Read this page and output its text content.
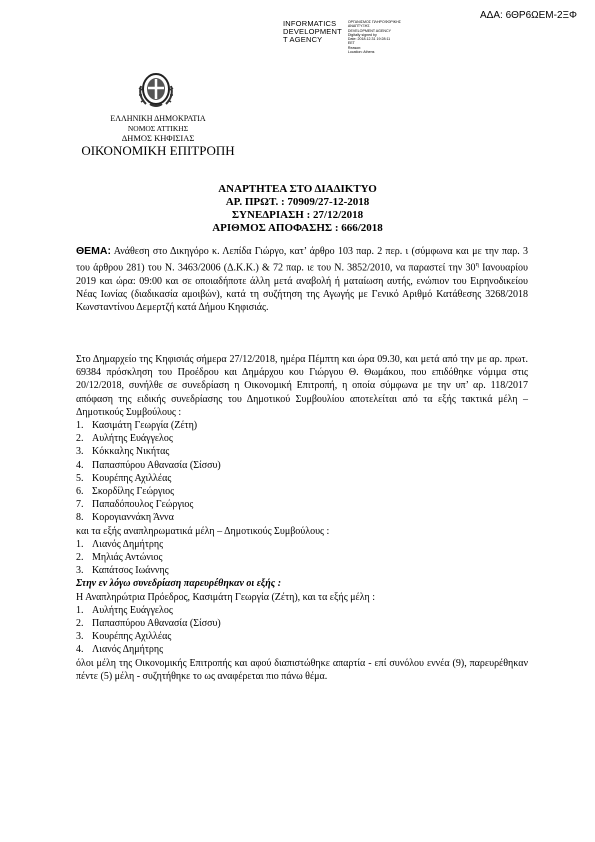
ΑΔΑ: 6ΘΡ6ΩΕΜ-2ΞΦ
INFORMATICS
DEVELOPMENT
T AGENCY
ΟΡΓΑΝΙΣΜΟΣ ΠΛΗΡΟΦΟΡΙΚΗΣ
ΑΝΑΠΤΥΞΗΣ
DEVELOPMENT AGENCY
Digitally signed by
Date: 2018.12.31 19:28:11
EET
Reason:
Location: Athens
ΕΛΛΗΝΙΚΗ ΔΗΜΟΚΡΑΤΙΑ
ΝΟΜΟΣ ΑΤΤΙΚΗΣ
ΔΗΜΟΣ ΚΗΦΙΣΙΑΣ
ΟΙΚΟΝΟΜΙΚΗ ΕΠΙΤΡΟΠΗ
ΑΝΑΡΤΗΤΕΑ ΣΤΟ ΔΙΑΔΙΚΤΥΟ
ΑΡ. ΠΡΩΤ. : 70909/27-12-2018
ΣΥΝΕΔΡΙΑΣΗ : 27/12/2018
ΑΡΙΘΜΟΣ ΑΠΟΦΑΣΗΣ : 666/2018
ΘΕΜΑ: Ανάθεση στο Δικηγόρο κ. Λεπίδα Γιώργο, κατ’ άρθρο 103 παρ. 2 περ. ι (σύμφωνα και με την παρ. 3 του άρθρου 281) του Ν. 3463/2006 (Δ.Κ.Κ.) & 72 παρ. ιε του Ν. 3852/2010, να παραστεί την $30^\eta$ Ιανουαρίου 2019 και ώρα: 09:00 και σε οποιαδήποτε άλλη μετά αναβολή ή ματαίωση αυτής, ενώπιον του Ειρηνοδικείου Νέας Ιωνίας (διαδικασία αμοιβών), κατά τη συζήτηση της Αγωγής με Γενικό Αριθμό Κατάθεσης 3268/2018 Κωνσταντίνου Δεμερτζή κατά Δήμου Κηφισιάς.

Στο Δημαρχείο της Κηφισιάς σήμερα 27/12/2018, ημέρα Πέμπτη και ώρα 09.30, και μετά από την με αρ. πρωτ. 69384 πρόσκληση του Προέδρου και Δημάρχου κου Γιώργου Θ. Θωμάκου, που επιδόθηκε νόμιμα στις 20/12/2018, συνήλθε σε συνεδρίαση η Οικονομική Επιτροπή, η οποία σύμφωνα με την υπ’ αρ. 118/2017 απόφαση της ειδικής συνεδρίασης του Δημοτικού Συμβουλίου αποτελείται από τα εξής τακτικά μέλη – Δημοτικούς Συμβούλους :

1. Κασιμάτη Γεωργία (Ζέτη)
2. Αυλήτης Ευάγγελος
3. Κόκκαλης Νικήτας
4. Παπασπύρου Αθανασία (Σίσσυ)
5. Κουρέπης Αχιλλέας
6. Σκορδίλης Γεώργιος
7. Παπαδόπουλος Γεώργιος
8. Κορογιαννάκη Άννα

και τα εξής αναπληρωματικά μέλη – Δημοτικούς Συμβούλους :

1. Λιανός Δημήτρης
2. Μηλιάς Αντώνιος
3. Καπάτσος Ιωάννης

Στην εν λόγω συνεδρίαση παρευρέθηκαν οι εξής :

Η Αναπληρώτρια Πρόεδρος, Κασιμάτη Γεωργία (Ζέτη), και τα εξής μέλη :

1. Αυλήτης Ευάγγελος
2. Παπασπύρου Αθανασία (Σίσσυ)
3. Κουρέπης Αχιλλέας
4. Λιανός Δημήτρης

όλοι μέλη της Οικονομικής Επιτροπής και αφού διαπιστώθηκε απαρτία - επί συνόλου εννέα (9), παρευρέθηκαν πέντε (5) μέλη - συζητήθηκε το ως αναφέρεται πιο πάνω θέμα.
